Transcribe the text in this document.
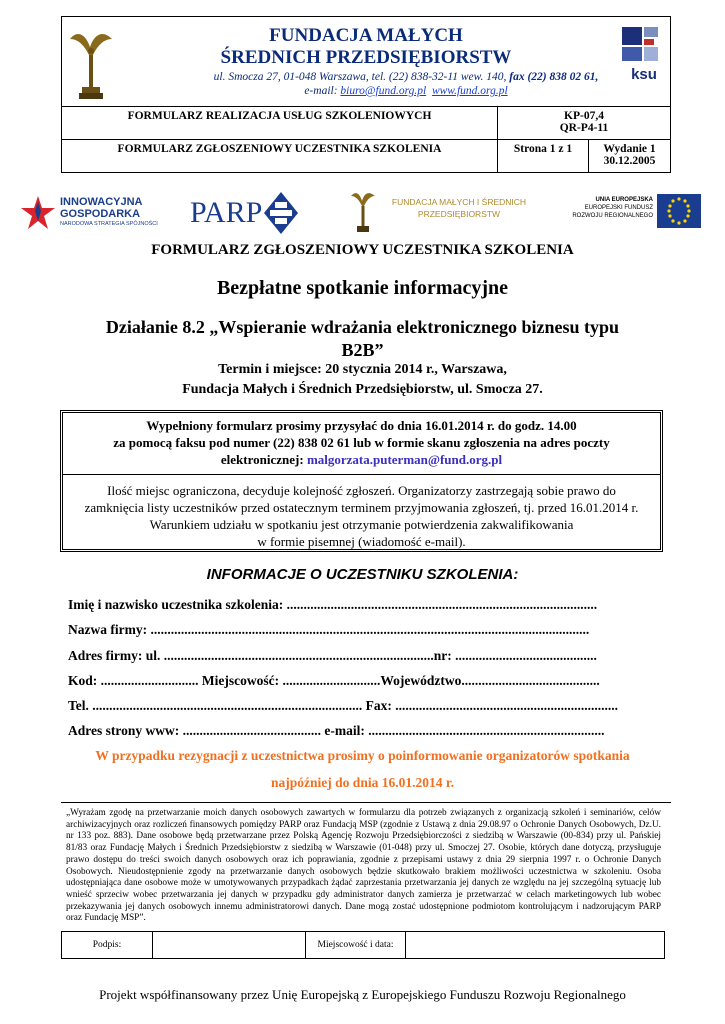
FUNDACJA MAŁYCH
ŚREDNICH PRZEDSIĘBIORSTW
ul. Smocza 27, 01-048 Warszawa, tel. (22) 838-32-11 wew. 140, fax (22) 838 02 61,
e-mail: biuro@fund.org.pl www.fund.org.pl
ksu
FORMULARZ REALIZACJA USŁUG SZKOLENIOWYCH	KP-07,4
QR-P4-11	

FORMULARZ ZGŁOSZENIOWY UCZESTNIKA SZKOLENIA	Strona 1 z 1	Wydanie 1
30.12.2005
INNOWACYJNA
GOSPODARKA
NARODOWA STRATEGIA SPÓJNOŚCI PARP	FUNDACJA MAŁYCH I ŚREDNICH
PRZEDSIĘBIORSTW
UNIA EUROPEJSKA
EUROPEJSKI FUNDUSZ
ROZWOJU REGIONALNEGO
FORMULARZ ZGŁOSZENIOWY UCZESTNIKA SZKOLENIA
Bezpłatne spotkanie informacyjne
Działanie 8.2 „Wspieranie wdrażania elektronicznego biznesu typu
B2B”
Termin i miejsce: 20 stycznia 2014 r., Warszawa,
Fundacja Małych i Średnich Przedsiębiorstw, ul. Smocza 27.
Wypełniony formularz prosimy przysyłać do dnia 16.01.2014 r. do godz. 14.00
za pomocą faksu pod numer (22) 838 02 61 lub w formie skanu zgłoszenia na adres poczty
elektronicznej: malgorzata.puterman@fund.org.pl
Ilość miejsc ograniczona, decyduje kolejność zgłoszeń. Organizatorzy zastrzegają sobie prawo do
zamknięcia listy uczestników przed ostatecznym terminem przyjmowania zgłoszeń, tj. przed 16.01.2014 r.
Warunkiem udziału w spotkaniu jest otrzymanie potwierdzenia zakwalifikowania
w formie pisemnej (wiadomość e-mail).
INFORMACJE O UCZESTNIKU SZKOLENIA:
Imię i nazwisko uczestnika szkolenia: ............................................................................................
Nazwa firmy: ..................................................................................................................................
Adres firmy: ul. ................................................................................nr: ..........................................
Kod: ............................. Miejscowość: .............................Województwo.........................................
Tel. ................................................................................ Fax: ..................................................................
Adres strony www: ......................................... e-mail: ......................................................................
W przypadku rezygnacji z uczestnictwa prosimy o poinformowanie organizatorów spotkania
najpóźniej do dnia 16.01.2014 r.
„Wyrażam zgodę na przetwarzanie moich danych osobowych zawartych w formularzu dla potrzeb związanych z organizacją szkoleń i seminariów, celów archiwizacyjnych oraz rozliczeń finansowych pomiędzy PARP oraz Fundacją MSP (zgodnie z Ustawą z dnia 29.08.97 o Ochronie Danych Osobowych, Dz.U. nr 133 poz. 883). Dane osobowe będą przetwarzane przez Polską Agencję Rozwoju Przedsiębiorczości z siedzibą w Warszawie (00-834) przy ul. Pańskiej 81/83 oraz Fundację Małych i Średnich Przedsiębiorstw z siedzibą w Warszawie (01-048) przy ul. Smoczej 27. Osobie, których dane dotyczą, przysługuje prawo dostępu do treści swoich danych osobowych oraz ich poprawiania, zgodnie z przepisami ustawy z dnia 29 sierpnia 1997 r. o Ochronie Danych Osobowych. Nieudostępnienie zgody na przetwarzanie danych osobowych będzie skutkowało brakiem możliwości uczestnictwa w szkoleniu. Osoba udostępniająca dane osobowe może w umotywowanych przypadkach żądać zaprzestania przetwarzania jej danych ze względu na jej szczególną sytuację lub wnieść sprzeciw wobec przetwarzania jej danych w przypadku gdy administrator danych zamierza je przetwarzać w celach marketingowych lub wobec przekazywania jej danych osobowych innemu administratorowi danych. Dane mogą zostać udostępnione podmiotom kontrolującym i nadzorującym PARP oraz Fundację MSP”.
Podpis:		Miejscowość i data:	
Projekt współfinansowany przez Unię Europejską z Europejskiego Funduszu Rozwoju Regionalnego
